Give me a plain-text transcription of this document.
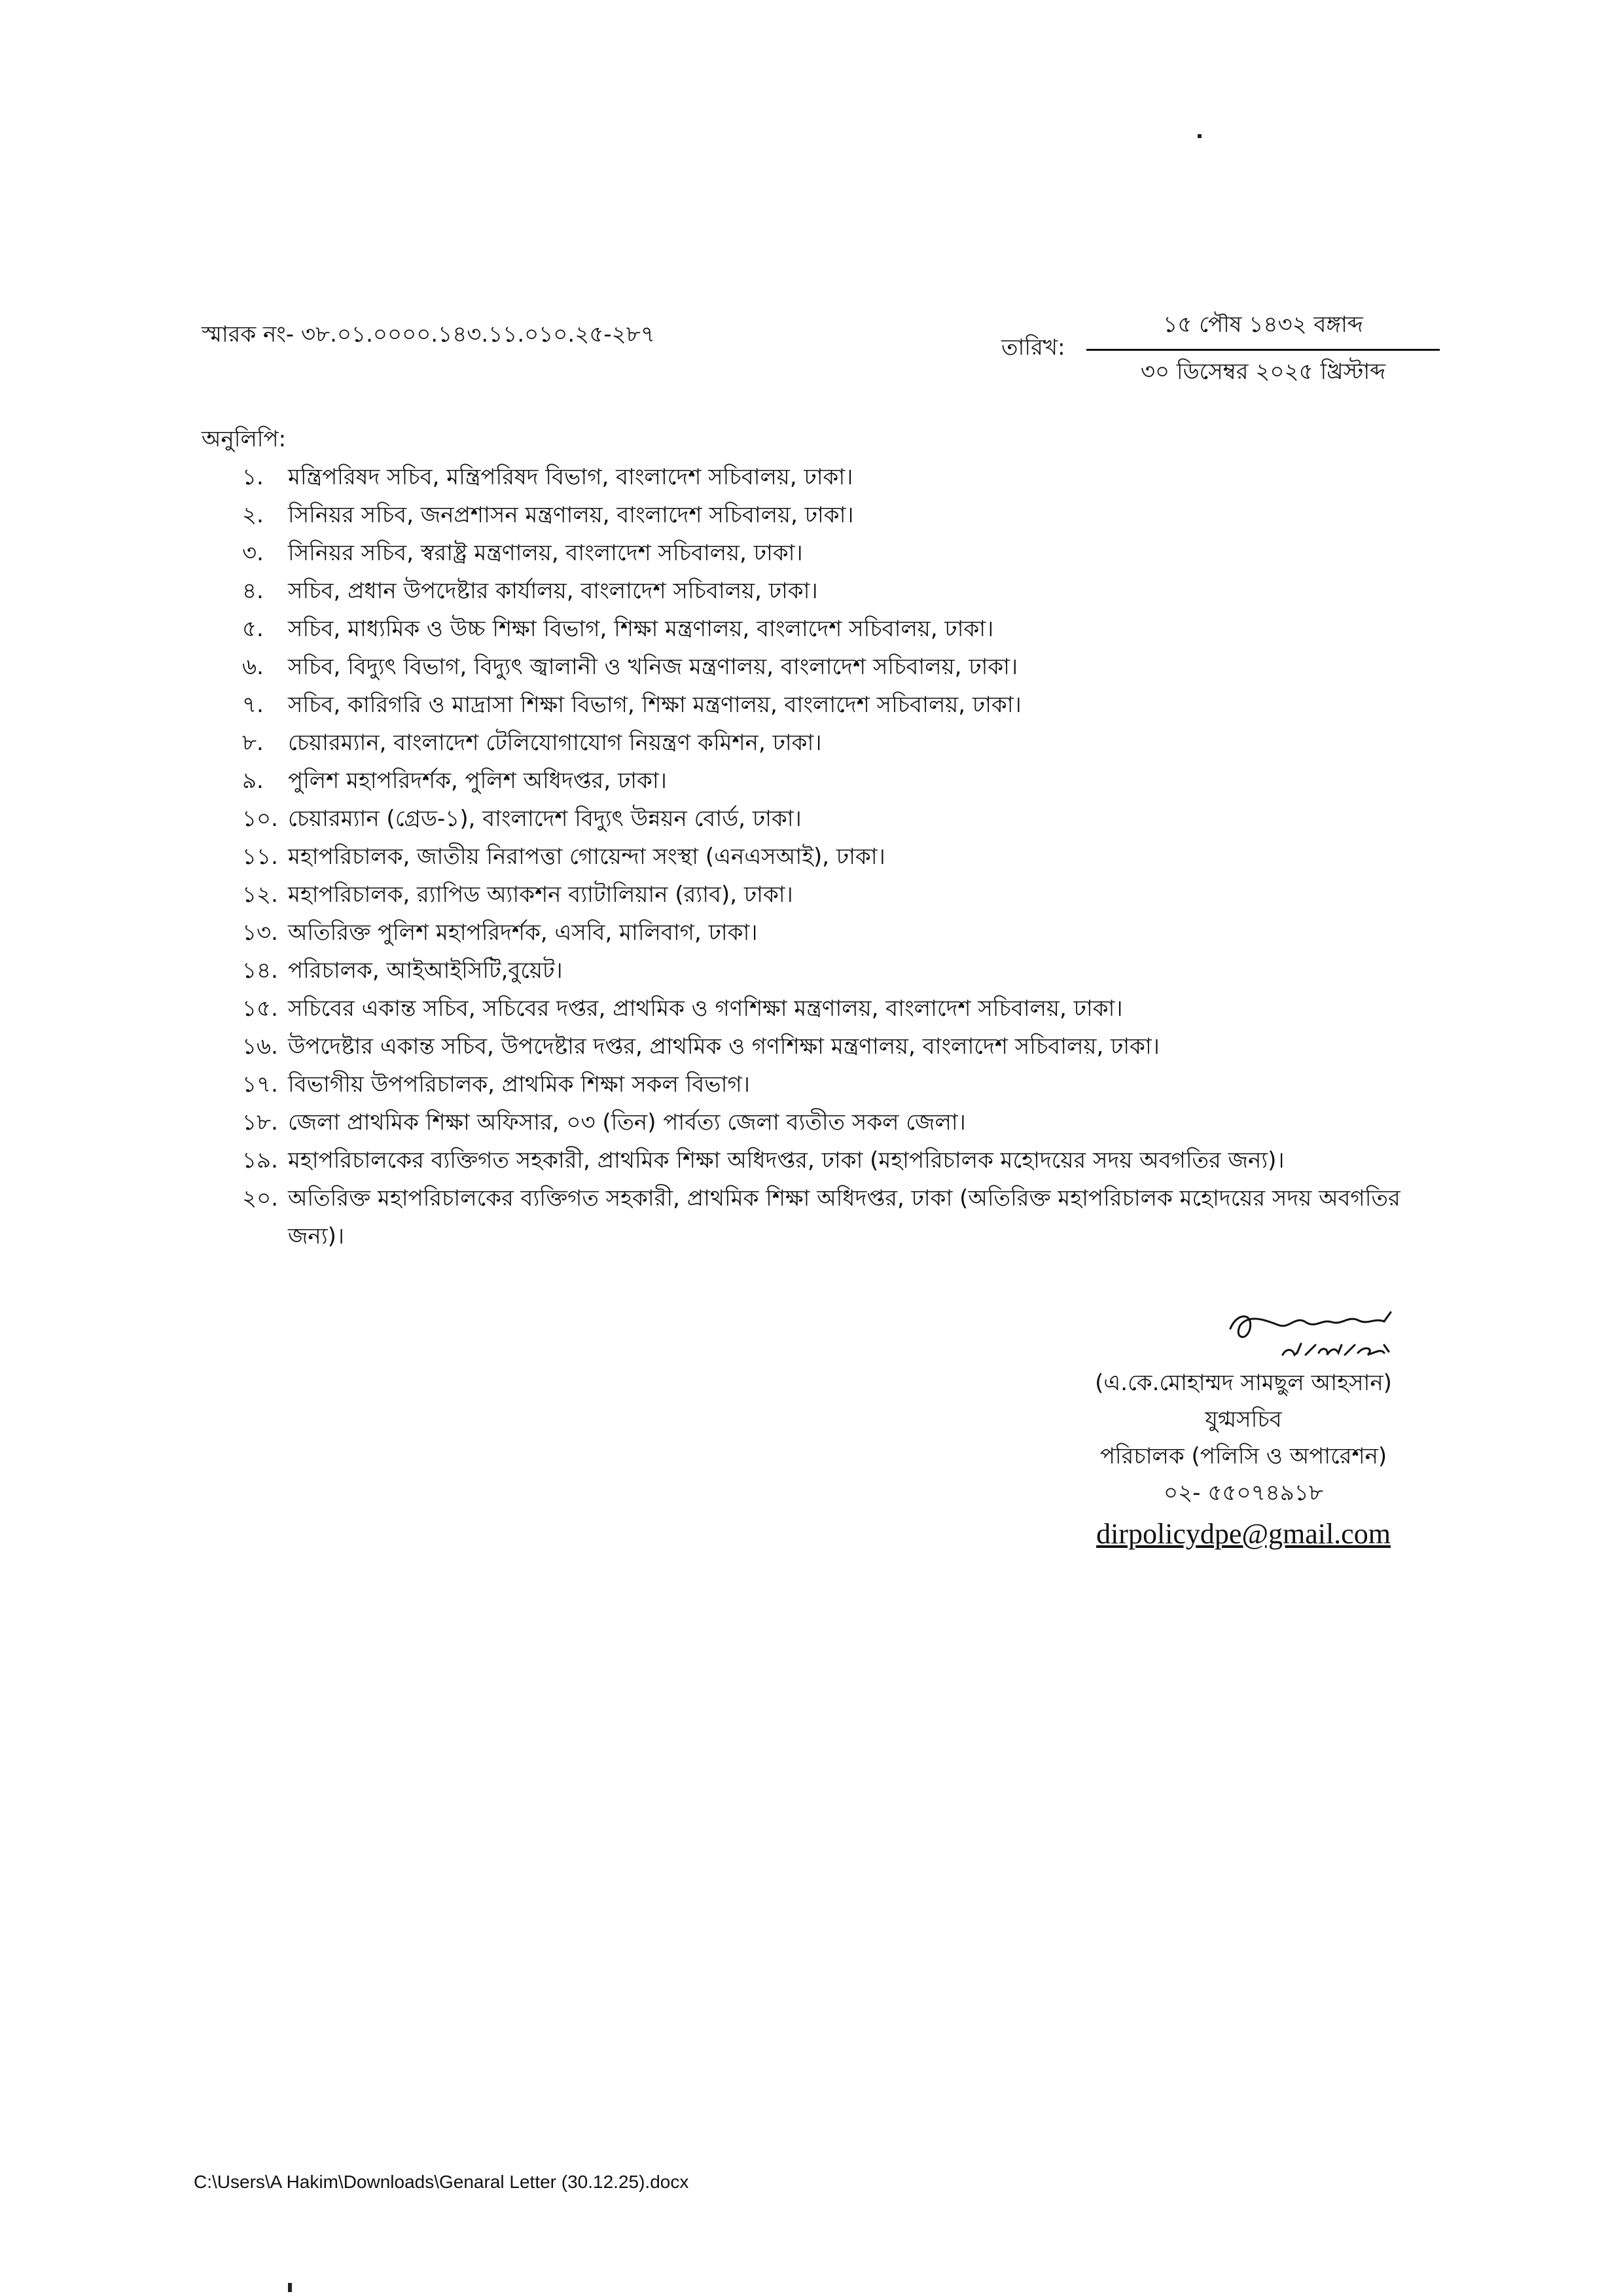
স্মারক নং- ৩৮.০১.০০০০.১৪৩.১১.০১০.২৫-২৮৭	তারিখ:
১৫ পৌষ ১৪৩২ বঙ্গাব্দ
৩০ ডিসেম্বর ২০২৫ খ্রিস্টাব্দ
অনুলিপি:
১.	মন্ত্রিপরিষদ সচিব, মন্ত্রিপরিষদ বিভাগ, বাংলাদেশ সচিবালয়, ঢাকা।
২.	সিনিয়র সচিব, জনপ্রশাসন মন্ত্রণালয়, বাংলাদেশ সচিবালয়, ঢাকা।
৩.	সিনিয়র সচিব, স্বরাষ্ট্র মন্ত্রণালয়, বাংলাদেশ সচিবালয়, ঢাকা।
৪.	সচিব, প্রধান উপদেষ্টার কার্যালয়, বাংলাদেশ সচিবালয়, ঢাকা।
৫.	সচিব, মাধ্যমিক ও উচ্চ শিক্ষা বিভাগ, শিক্ষা মন্ত্রণালয়, বাংলাদেশ সচিবালয়, ঢাকা।
৬.	সচিব, বিদ্যুৎ বিভাগ, বিদ্যুৎ জ্বালানী ও খনিজ মন্ত্রণালয়, বাংলাদেশ সচিবালয়, ঢাকা।
৭.	সচিব, কারিগরি ও মাদ্রাসা শিক্ষা বিভাগ, শিক্ষা মন্ত্রণালয়, বাংলাদেশ সচিবালয়, ঢাকা।
৮.	চেয়ারম্যান, বাংলাদেশ টেলিযোগাযোগ নিয়ন্ত্রণ কমিশন, ঢাকা।
৯.	পুলিশ মহাপরিদর্শক, পুলিশ অধিদপ্তর, ঢাকা।
১০. চেয়ারম্যান (গ্রেড-১), বাংলাদেশ বিদ্যুৎ উন্নয়ন বোর্ড, ঢাকা।
১১. মহাপরিচালক, জাতীয় নিরাপত্তা গোয়েন্দা সংস্থা (এনএসআই), ঢাকা।
১২. মহাপরিচালক, র‍্যাপিড অ্যাকশন ব্যাটালিয়ান (র‍্যাব), ঢাকা।
১৩. অতিরিক্ত পুলিশ মহাপরিদর্শক, এসবি, মালিবাগ, ঢাকা।
১৪. পরিচালক, আইআইসিটি,বুয়েট।
১৫. সচিবের একান্ত সচিব, সচিবের দপ্তর, প্রাথমিক ও গণশিক্ষা মন্ত্রণালয়, বাংলাদেশ সচিবালয়, ঢাকা।
১৬. উপদেষ্টার একান্ত সচিব, উপদেষ্টার দপ্তর, প্রাথমিক ও গণশিক্ষা মন্ত্রণালয়, বাংলাদেশ সচিবালয়, ঢাকা।
১৭. বিভাগীয় উপপরিচালক, প্রাথমিক শিক্ষা সকল বিভাগ।
১৮. জেলা প্রাথমিক শিক্ষা অফিসার, ০৩ (তিন) পার্বত্য জেলা ব্যতীত সকল জেলা।
১৯. মহাপরিচালকের ব্যক্তিগত সহকারী, প্রাথমিক শিক্ষা অধিদপ্তর, ঢাকা (মহাপরিচালক মহোদয়ের সদয় অবগতির জন্য)।
২০. অতিরিক্ত মহাপরিচালকের ব্যক্তিগত সহকারী, প্রাথমিক শিক্ষা অধিদপ্তর, ঢাকা (অতিরিক্ত মহাপরিচালক মহোদয়ের সদয় অবগতির জন্য)।
(এ.কে.মোহাম্মদ সামছুল আহসান)
যুগ্মসচিব
পরিচালক (পলিসি ও অপারেশন)
০২- ৫৫০৭৪৯১৮
dirpolicydpe@gmail.com
C:\Users\A Hakim\Downloads\Genaral Letter (30.12.25).docx
